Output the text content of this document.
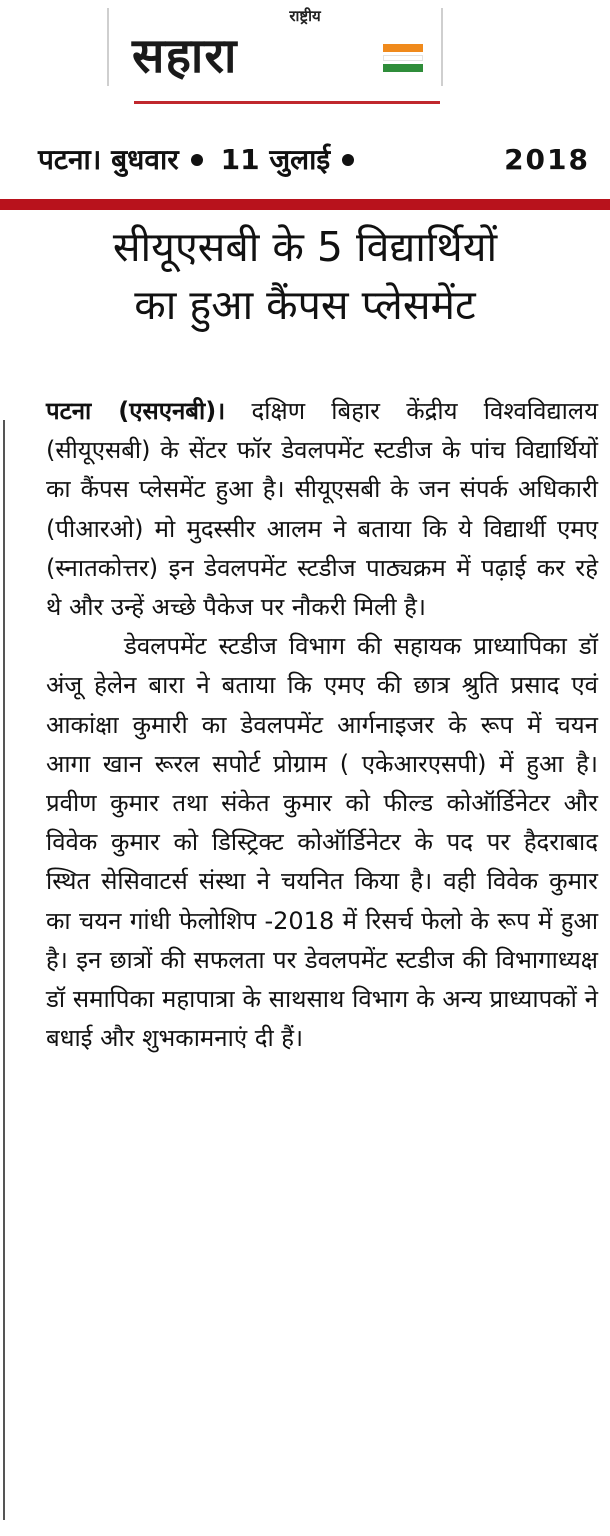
राष्ट्रीय
सहारा
पटना। बुधवार 11 जुलाई	2018
सीयूएसबी के 5 विद्यार्थियों
का हुआ कैंपस प्लेसमेंट

पटना (एसएनबी)। दक्षिण बिहार केंद्रीय विश्वविद्यालय (सीयूएसबी) के सेंटर फॉर डेवलपमेंट स्टडीज के पांच विद्यार्थियों का कैंपस प्लेसमेंट हुआ है। सीयूएसबी के जन संपर्क अधिकारी (पीआरओ) मो मुदस्सीर आलम ने बताया कि ये विद्यार्थी एमए (स्नातकोत्तर) इन डेवलपमेंट स्टडीज पाठ्यक्रम में पढ़ाई कर रहे थे और उन्हें अच्छे पैकेज पर नौकरी मिली है।

डेवलपमेंट स्टडीज विभाग की सहायक प्राध्यापिका डॉ अंजू हेलेन बारा ने बताया कि एमए की छात्र श्रुति प्रसाद एवं आकांक्षा कुमारी का डेवलपमेंट आर्गनाइजर के रूप में चयन आगा खान रूरल सपोर्ट प्रोग्राम ( एकेआरएसपी) में हुआ है। प्रवीण कुमार तथा संकेत कुमार को फील्ड कोऑर्डिनेटर और विवेक कुमार को डिस्ट्रिक्ट कोऑर्डिनेटर के पद पर हैदराबाद स्थित सेसिवाटर्स संस्था ने चयनित किया है। वही विवेक कुमार का चयन गांधी फेलोशिप -2018 में रिसर्च फेलो के रूप में हुआ है। इन छात्रों की सफलता पर डेवलपमेंट स्टडीज की विभागाध्यक्ष डॉ समापिका महापात्रा के साथसाथ विभाग के अन्य प्राध्यापकों ने बधाई और शुभकामनाएं दी हैं।
